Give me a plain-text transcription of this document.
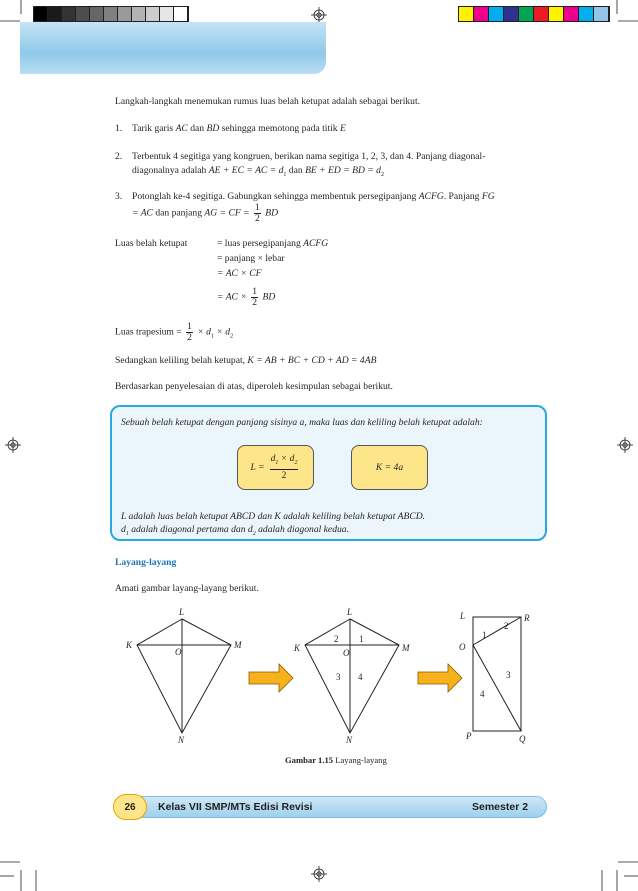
Langkah-langkah menemukan rumus luas belah ketupat adalah sebagai berikut.
1. Tarik garis AC dan BD sehingga memotong pada titik E
2. Terbentuk 4 segitiga yang kongruen, berikan nama segitiga 1, 2, 3, dan 4. Panjang diagonal-
diagonalnya adalah AE + EC = AC = $d_1$ dan BE + ED = BD = $d_2$
3. Potonglah ke-4 segitiga. Gabungkan sehingga membentuk persegipanjang ACFG. Panjang FG
= AC dan panjang AG = CF = $\frac{1}{2}$ BD
Luas belah ketupat	= luas persegipanjang ACFG
= panjang × lebar
= AC × CF
= AC × $\frac{1}{2}$ BD
Luas trapesium = $\frac{1}{2} \times d_1 \times d_2$
Sedangkan keliling belah ketupat, K = AB + BC + CD + AD = 4AB
Berdasarkan penyelesaian di atas, diperoleh kesimpulan sebagai berikut.
Sebuah belah ketupat dengan panjang sisinya a, maka luas dan keliling belah ketupat adalah:
$L = \frac{d_1 \times d_2}{2}$	K = 4a
L adalah luas belah ketupat ABCD dan K adalah keliling belah ketupat ABCD.
$d_1$ adalah diagonal pertama dan $d_2$ adalah diagonal kedua.
Layang-layang
Amati gambar layang-layang berikut.
L
K	M
O
N
L
K	M
O
N
2 1
3 4
L	R
O
P	Q
1
2
3
4
Gambar 1.15 Layang-layang
26 Kelas VII SMP/MTs Edisi Revisi	Semester 2
